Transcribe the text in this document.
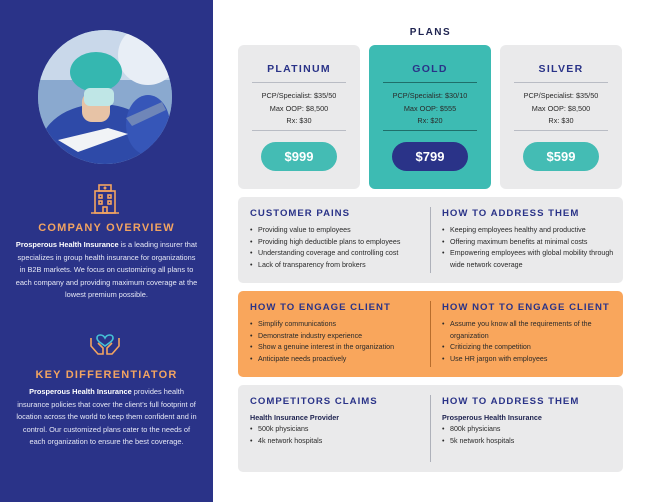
COMPANY OVERVIEW
Prosperous Health Insurance is a leading insurer that specializes in group health insurance for organizations in B2B markets. We focus on customizing all plans to each company and providing maximum coverage at the lowest premium possible.
KEY DIFFERENTIATOR
Prosperous Health Insurance provides health insurance policies that cover the client’s full footprint of location across the world to keep them confident and in control. Our customized plans cater to the needs of each organization to ensure the best coverage.
PLANS
PLATINUM
PCP/Specialist: $35/50
Max OOP: $8,500
Rx: $30
$999
GOLD
PCP/Specialist: $30/10
Max OOP: $555
Rx: $20
$799
SILVER
PCP/Specialist: $35/50
Max OOP: $8,500
Rx: $30
$599
CUSTOMER PAINS
• Providing value to employees
• Providing high deductible plans to employees
• Understanding coverage and controlling cost
• Lack of transparency from brokers
HOW TO ADDRESS THEM
• Keeping employees healthy and productive
• Offering maximum benefits at minimal costs
• Empowering employees with global mobility through wide network coverage
HOW TO ENGAGE CLIENT
• Simplify communications
• Demonstrate industry experience
• Show a genuine interest in the organization
• Anticipate needs proactively
HOW NOT TO ENGAGE CLIENT
• Assume you know all the requirements of the organization
• Criticizing the competition
• Use HR jargon with employees
COMPETITORS CLAIMS
Health Insurance Provider
• 500k physicians
• 4k network hospitals
HOW TO ADDRESS THEM
Prosperous Health Insurance
• 800k physicians
• 5k network hospitals
